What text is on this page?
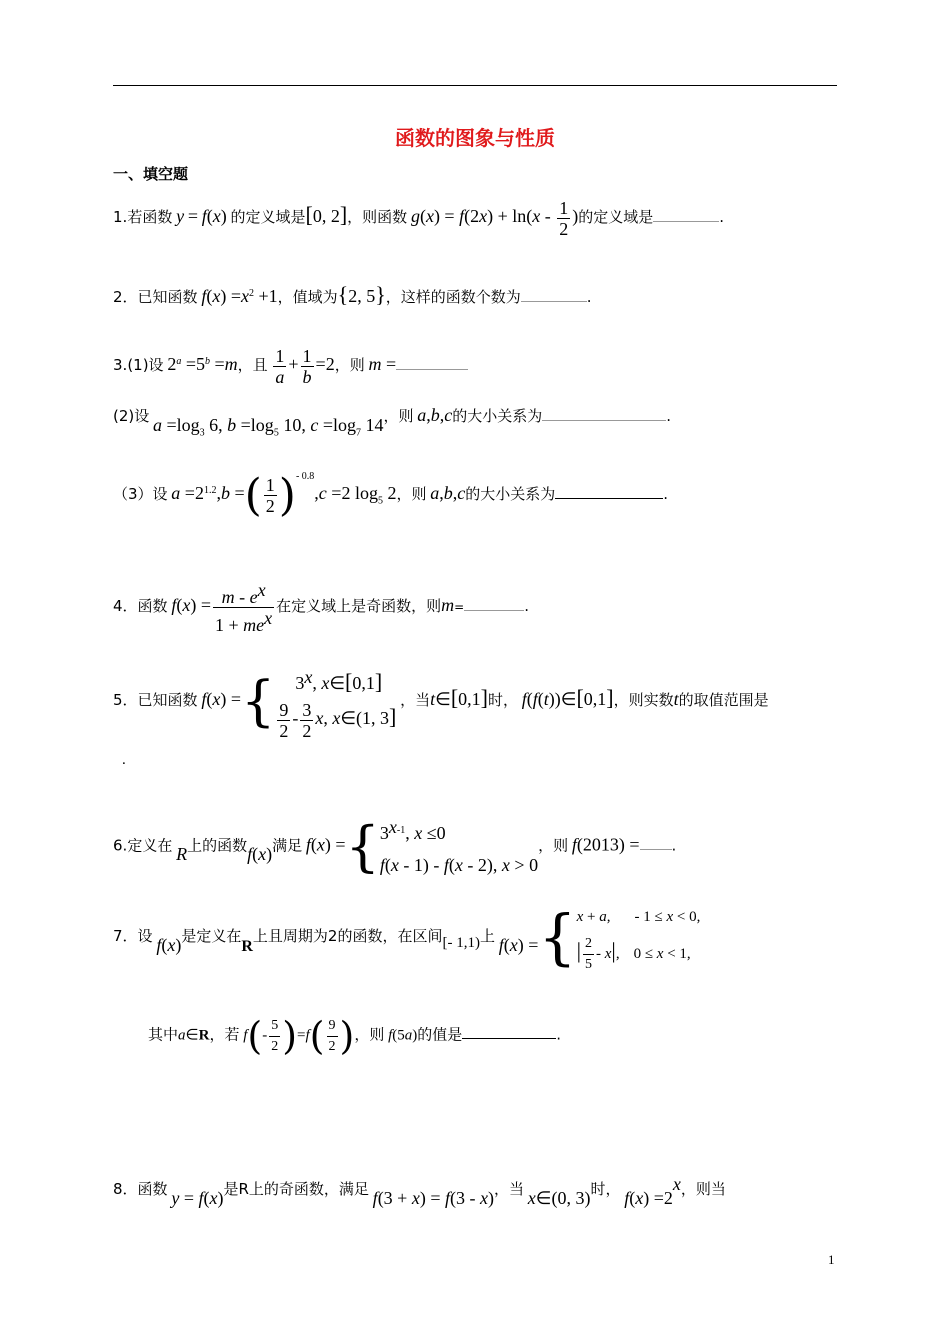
函数的图象与性质
一、填空题
1.若函数 y = f(x) 的定义域是[0, 2]，则函数 $g(x) = f(2x) + \ln(x - \frac{1}{2}$ )的定义域是	.
2．已知函数 $f(x) =x^2 +1$，值域为{2, 5}，这样的函数个数为	.
3.(1)设 $2^a =5^b =m$，且 $\frac{1}{a} + \frac{1}{b} =2$，则 m =
(2)设 $a =\log_3$ 6, $b =\log_5$ 10, $c =\log_7$ 14，则 a,b,c的大小关系为	.
（3）设 $a =2^{1.2},b$ =( $\frac{1}{2} )^{- 0.8},c =2$ $\log_5 2$，则 a,b,c的大小关系为	.
4．函数 $f(x) = \frac{m - e^x}{1 + me^x}$ 在定义域上是奇函数，则m=	.
5．已知函数 f(x) ={	3$^x$, x∈[0,1]
$\frac{9}{2} - \frac{3}{2} x$, x∈(1, 3]
，当t∈[0,1]时， f(f(t))∈[0,1]，则实数t的取值范围是
.
6.定义在 R上的函数f(x)满足 f(x) ={ 3$^{x-1}$, x ≤0
f(x - 1) - f(x - 2), x > 0
，则 f(2013) = .
7．设 f(x)是定义在R上且周期为2的函数，在区间[- 1,1)上 f(x) ={ x + a, - 1 ≤ x < 0,
| $\frac{2}{5} - x|$, 0 ≤ x < 1,
其中a∈R，若 $f(- \frac{5}{2} )=f( \frac{9}{2}$ )，则 f(5a)的值是	.
8．函数 y = f(x)是R上的奇函数，满足 f(3 + x) = f(3 - x)，当 x∈(0, 3)时， $f(x) =2^x$，则当
1
